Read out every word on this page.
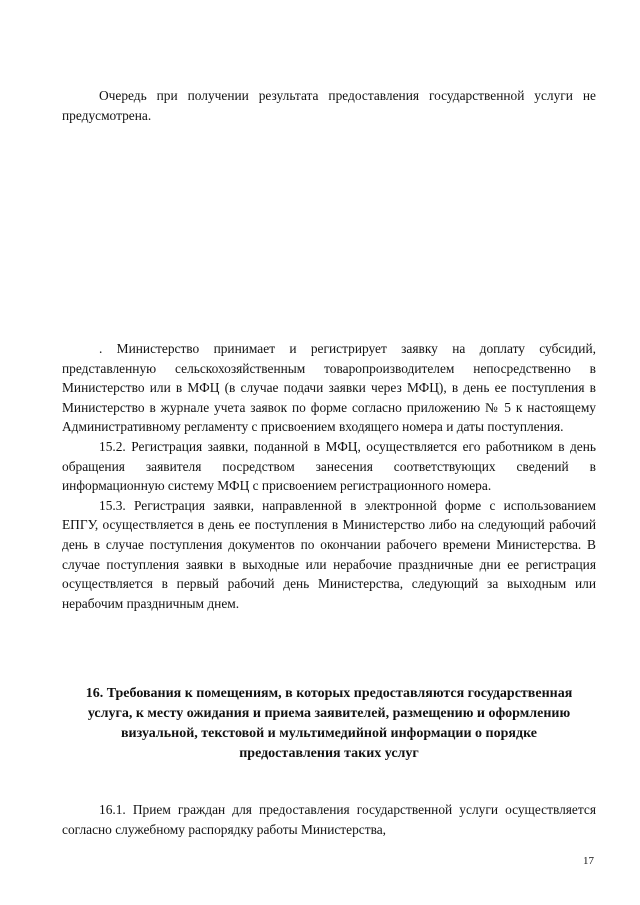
Очередь при получении результата предоставления государственной услуги не предусмотрена.

. Министерство принимает и регистрирует заявку на доплату субсидий, представленную сельскохозяйственным товаропроизводителем непосредственно в Министерство или в МФЦ (в случае подачи заявки через МФЦ), в день ее поступления в Министерство в журнале учета заявок по форме согласно приложению № 5 к настоящему Административному регламенту с присвоением входящего номера и даты поступления.

15.2. Регистрация заявки, поданной в МФЦ, осуществляется его работником в день обращения заявителя посредством занесения соответствующих сведений в информационную систему МФЦ с присвоением регистрационного номера.

15.3. Регистрация заявки, направленной в электронной форме с использованием ЕПГУ, осуществляется в день ее поступления в Министерство либо на следующий рабочий день в случае поступления документов по окончании рабочего времени Министерства. В случае поступления заявки в выходные или нерабочие праздничные дни ее регистрация осуществляется в первый рабочий день Министерства, следующий за выходным или нерабочим праздничным днем.

16. Требования к помещениям, в которых предоставляются государственная
услуга, к месту ожидания и приема заявителей, размещению и оформлению
визуальной, текстовой и мультимедийной информации о порядке
предоставления таких услуг

16.1. Прием граждан для предоставления государственной услуги осуществляется согласно служебному распорядку работы Министерства,

17
